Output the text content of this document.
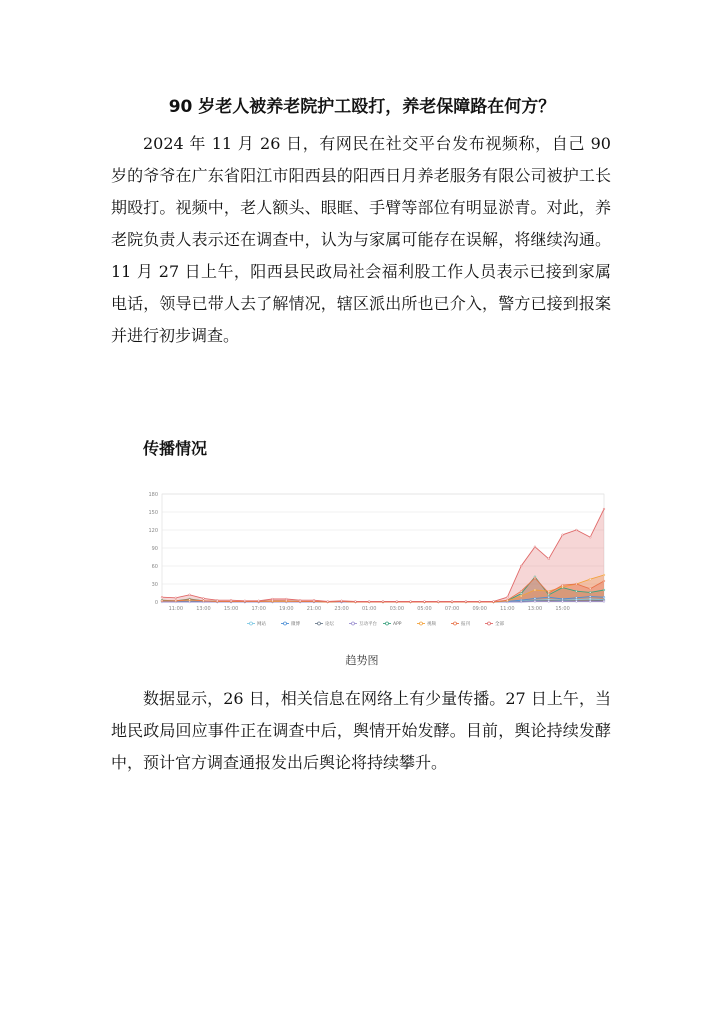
90 岁老人被养老院护工殴打，养老保障路在何方？

2024 年 11 月 26 日，有网民在社交平台发布视频称，自己 90 岁的爷爷在广东省阳江市阳西县的阳西日月养老服务有限公司被护工长期殴打。视频中，老人额头、眼眶、手臂等部位有明显淤青。对此，养老院负责人表示还在调查中，认为与家属可能存在误解，将继续沟通。11 月 27 日上午，阳西县民政局社会福利股工作人员表示已接到家属电话，领导已带人去了解情况，辖区派出所也已介入，警方已接到报案并进行初步调查。

传播情况
0
30
60
90
120
150
180
11:00	13:00	15:00	17:00	19:00	21:00	23:00	01:00	03:00	05:00	07:00	09:00	11:00	13:00	15:00
网站	微博	论坛	互动平台	APP	视频	报刊	全部

趋势图

数据显示，26 日，相关信息在网络上有少量传播。27 日上午，当地民政局回应事件正在调查中后，舆情开始发酵。目前，舆论持续发酵中，预计官方调查通报发出后舆论将持续攀升。
